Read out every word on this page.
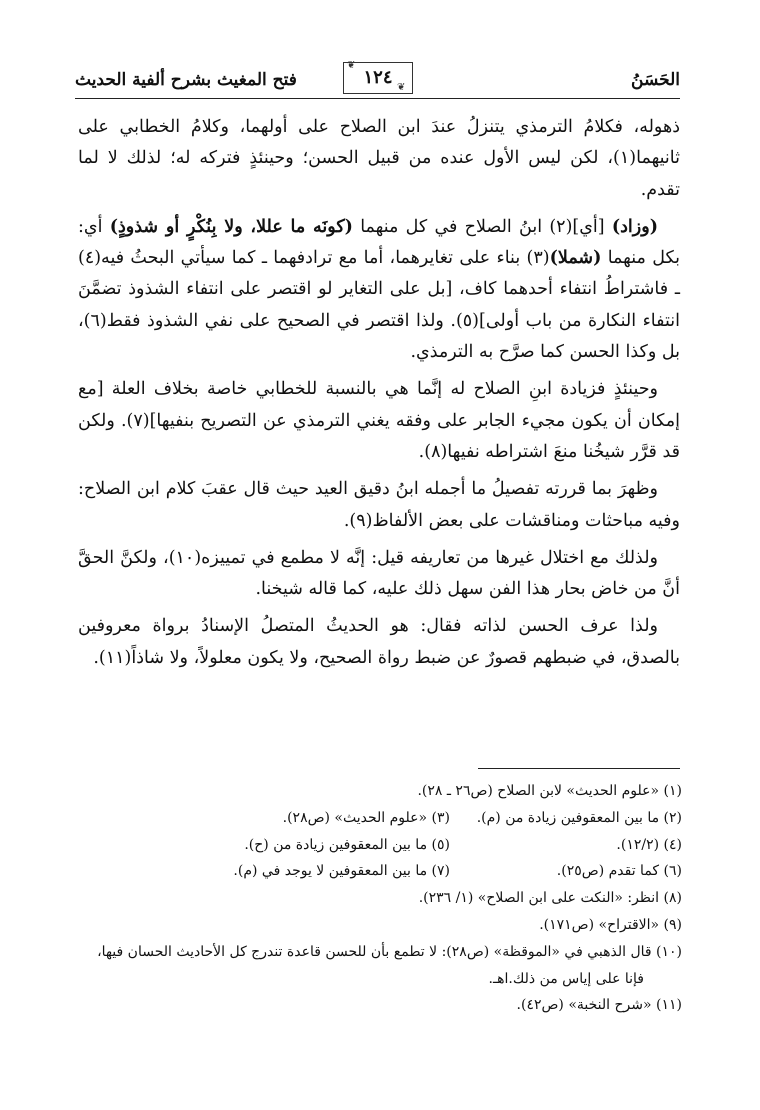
الحَسَنُ
١٢٤
❦
❦
فتح المغيث بشرح ألفية الحديث

ذهوله، فكلامُ الترمذي يتنزلُ عندَ ابن الصلاح على أولهما، وكلامُ الخطابي على ثانيهما(١)، لكن ليس الأول عنده من قبيل الحسن؛ وحينئذٍ فتركه له؛ لذلك لا لما تقدم.

(وزاد) [أي](٢) ابنُ الصلاح في كل منهما (كونَه ما عللا، ولا بِنُكْرٍ أو شذوذٍ) أي: بكل منهما (شملا)(٣) بناء على تغايرهما، أما مع ترادفهما ـ كما سيأتي البحثُ فيه(٤) ـ فاشتراطُ انتفاء أحدهما كاف، [بل على التغاير لو اقتصر على انتفاء الشذوذ تضمَّنَ انتفاء النكارة من باب أولى](٥). ولذا اقتصر في الصحيح على نفي الشذوذ فقط(٦)، بل وكذا الحسن كما صرَّح به الترمذي.

وحينئذٍ فزيادة ابنِ الصلاح له إنَّما هي بالنسبة للخطابي خاصة بخلاف العلة [مع إمكان أن يكون مجيء الجابر على وفقه يغني الترمذي عن التصريح بنفيها](٧). ولكن قد قرَّر شيخُنا منعَ اشتراطه نفيها(٨).

وظهرَ بما قررته تفصيلُ ما أجمله ابنُ دقيق العيد حيث قال عقبَ كلام ابن الصلاح: وفيه مباحثات ومناقشات على بعض الألفاظ(٩).

ولذلك مع اختلال غيرها من تعاريفه قيل: إنَّه لا مطمع في تمييزه(١٠)، ولكنَّ الحقَّ أنَّ من خاض بحار هذا الفن سهل ذلك عليه، كما قاله شيخنا.

ولذا عرف الحسن لذاته فقال: هو الحديثُ المتصلُ الإسنادُ برواة معروفين بالصدق، في ضبطهم قصورٌ عن ضبط رواة الصحيح، ولا يكون معلولاً، ولا شاذاً(١١).

(١) «علوم الحديث» لابن الصلاح (ص٢٦ ـ ٢٨).
(٢) ما بين المعقوفين زيادة من (م).
(٣) «علوم الحديث» (ص٢٨).
(٤) (١٢/٢).
(٥) ما بين المعقوفين زيادة من (ح).
(٦) كما تقدم (ص٢٥).
(٧) ما بين المعقوفين لا يوجد في (م).
(٨) انظر: «النكت على ابن الصلاح» (١/ ٢٣٦).
(٩) «الاقتراح» (ص١٧١).
(١٠) قال الذهبي في «الموقظة» (ص٢٨): لا تطمع بأن للحسن قاعدة تندرج كل الأحاديث الحسان فيها، فإنا على إياس من ذلك.اهـ.
(١١) «شرح النخبة» (ص٤٢).
